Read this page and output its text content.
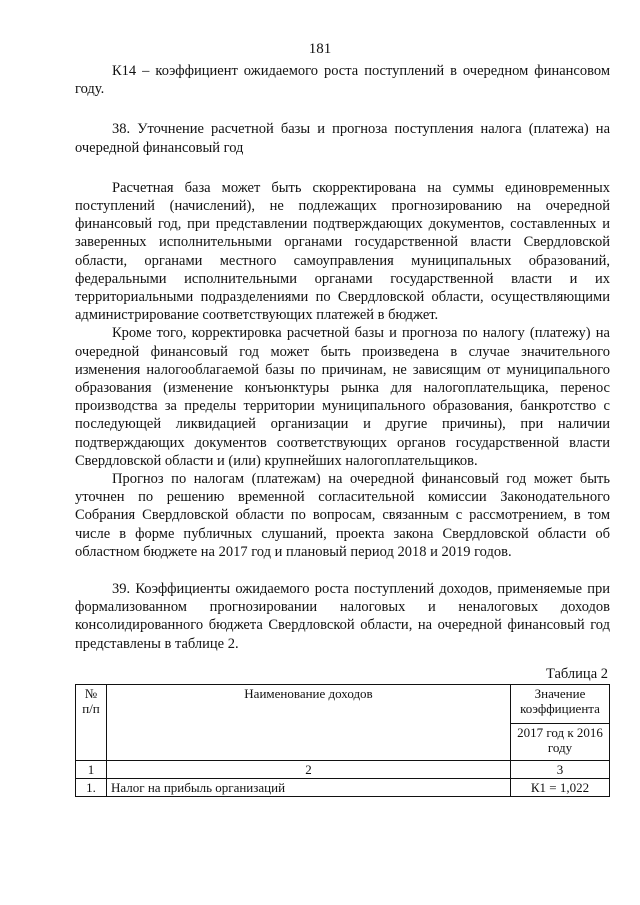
181

К14 – коэффициент ожидаемого роста поступлений в очередном финансовом году.

38. Уточнение расчетной базы и прогноза поступления налога (платежа) на очередной финансовый год

Расчетная база может быть скорректирована на суммы единовременных поступлений (начислений), не подлежащих прогнозированию на очередной финансовый год, при представлении подтверждающих документов, составленных и заверенных исполнительными органами государственной власти Свердловской области, органами местного самоуправления муниципальных образований, федеральными исполнительными органами государственной власти и их территориальными подразделениями по Свердловской области, осуществляющими администрирование соответствующих платежей в бюджет.

Кроме того, корректировка расчетной базы и прогноза по налогу (платежу) на очередной финансовый год может быть произведена в случае значительного изменения налогооблагаемой базы по причинам, не зависящим от муниципального образования (изменение конъюнктуры рынка для налогоплательщика, перенос производства за пределы территории муниципального образования, банкротство с последующей ликвидацией организации и другие причины), при наличии подтверждающих документов соответствующих органов государственной власти Свердловской области и (или) крупнейших налогоплательщиков.

Прогноз по налогам (платежам) на очередной финансовый год может быть уточнен по решению временной согласительной комиссии Законодательного Собрания Свердловской области по вопросам, связанным с рассмотрением, в том числе в форме публичных слушаний, проекта закона Свердловской области об областном бюджете на 2017 год и плановый период 2018 и 2019 годов.

39. Коэффициенты ожидаемого роста поступлений доходов, применяемые при формализованном прогнозировании налоговых и неналоговых доходов консолидированного бюджета Свердловской области, на очередной финансовый год представлены в таблице 2.

Таблица 2
№ п/п	Наименование доходов	Значение коэффициента
		2017 год к 2016 году
1	2	3
1.	Налог на прибыль организаций	К1 = 1,022
